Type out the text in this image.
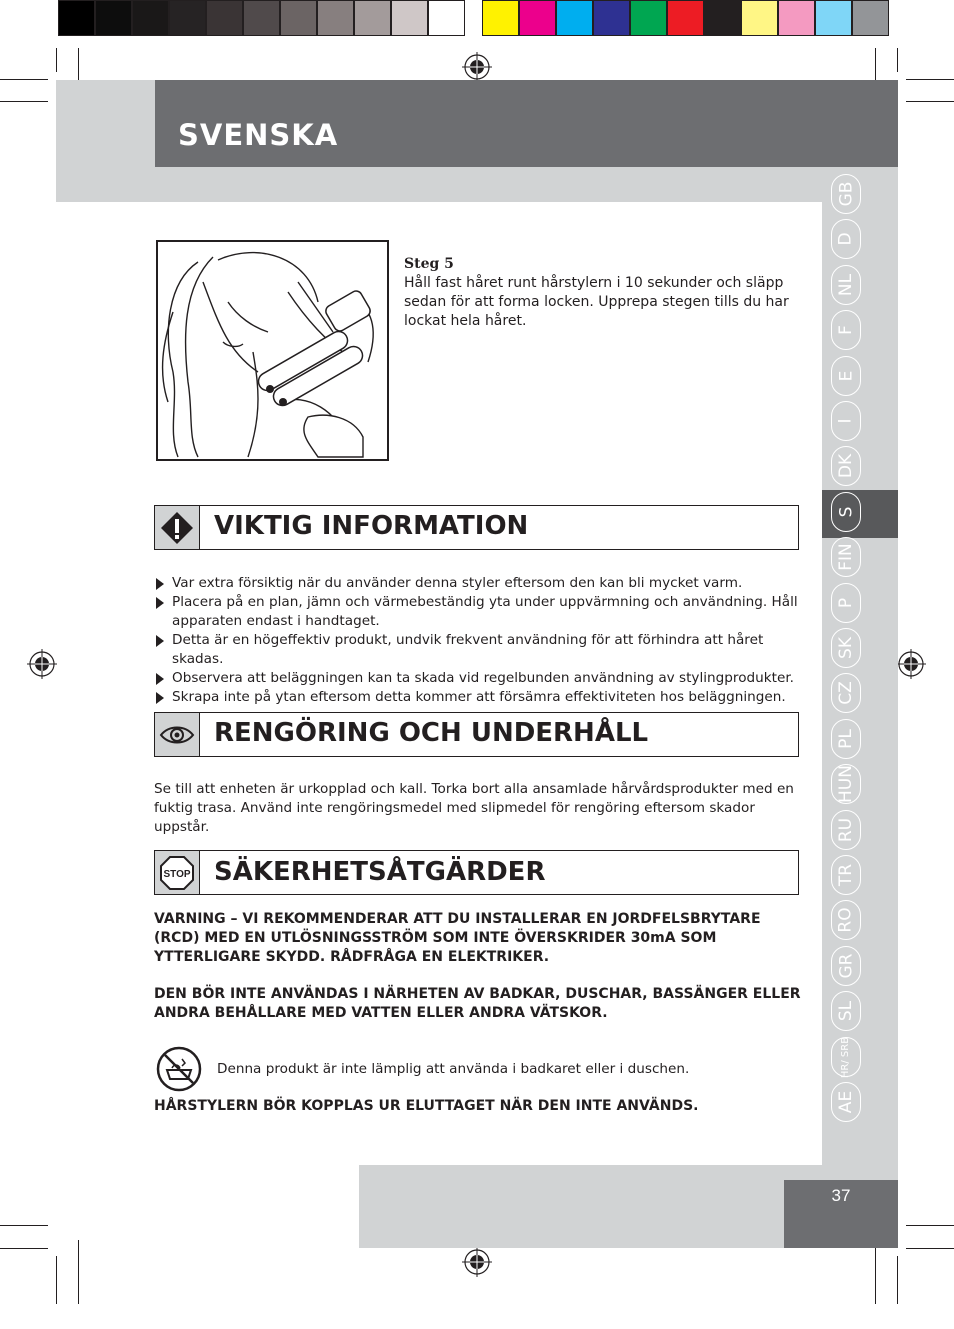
SVENSKA
37
GB
D
NL
F
E
I
DK
S
FIN
P
SK
CZ
PL
HUN
RU
TR
RO
GR
SL
HR/ SRB
AE
Steg 5
Håll fast håret runt hårstylern i 10 sekunder och släpp sedan för att forma locken. Upprepa stegen tills du har lockat hela håret.
VIKTIG INFORMATION
Var extra försiktig när du använder denna styler eftersom den kan bli mycket varm.
Placera på en plan, jämn och värmebeständig yta under uppvärmning och användning. Håll apparaten endast i handtaget.
Detta är en högeffektiv produkt, undvik frekvent användning för att förhindra att håret skadas.
Observera att beläggningen kan ta skada vid regelbunden användning av stylingprodukter.
Skrapa inte på ytan eftersom detta kommer att försämra effektiviteten hos beläggningen.
RENGÖRING OCH UNDERHÅLL
Se till att enheten är urkopplad och kall. Torka bort alla ansamlade hårvårdsprodukter med en fuktig trasa. Använd inte rengöringsmedel med slipmedel för rengöring eftersom skador uppstår.
STOP SÄKERHETSÅTGÄRDER
VARNING – VI REKOMMENDERAR ATT DU INSTALLERAR EN JORDFELSBRYTARE (RCD) MED EN UTLÖSNINGSSTRÖM SOM INTE ÖVERSKRIDER 30mA SOM YTTERLIGARE SKYDD. RÅDFRÅGA EN ELEKTRIKER.
DEN BÖR INTE ANVÄNDAS I NÄRHETEN AV BADKAR, DUSCHAR, BASSÄNGER ELLER ANDRA BEHÅLLARE MED VATTEN ELLER ANDRA VÄTSKOR.
Denna produkt är inte lämplig att använda i badkaret eller i duschen.
HÅRSTYLERN BÖR KOPPLAS UR ELUTTAGET NÄR DEN INTE ANVÄNDS.
